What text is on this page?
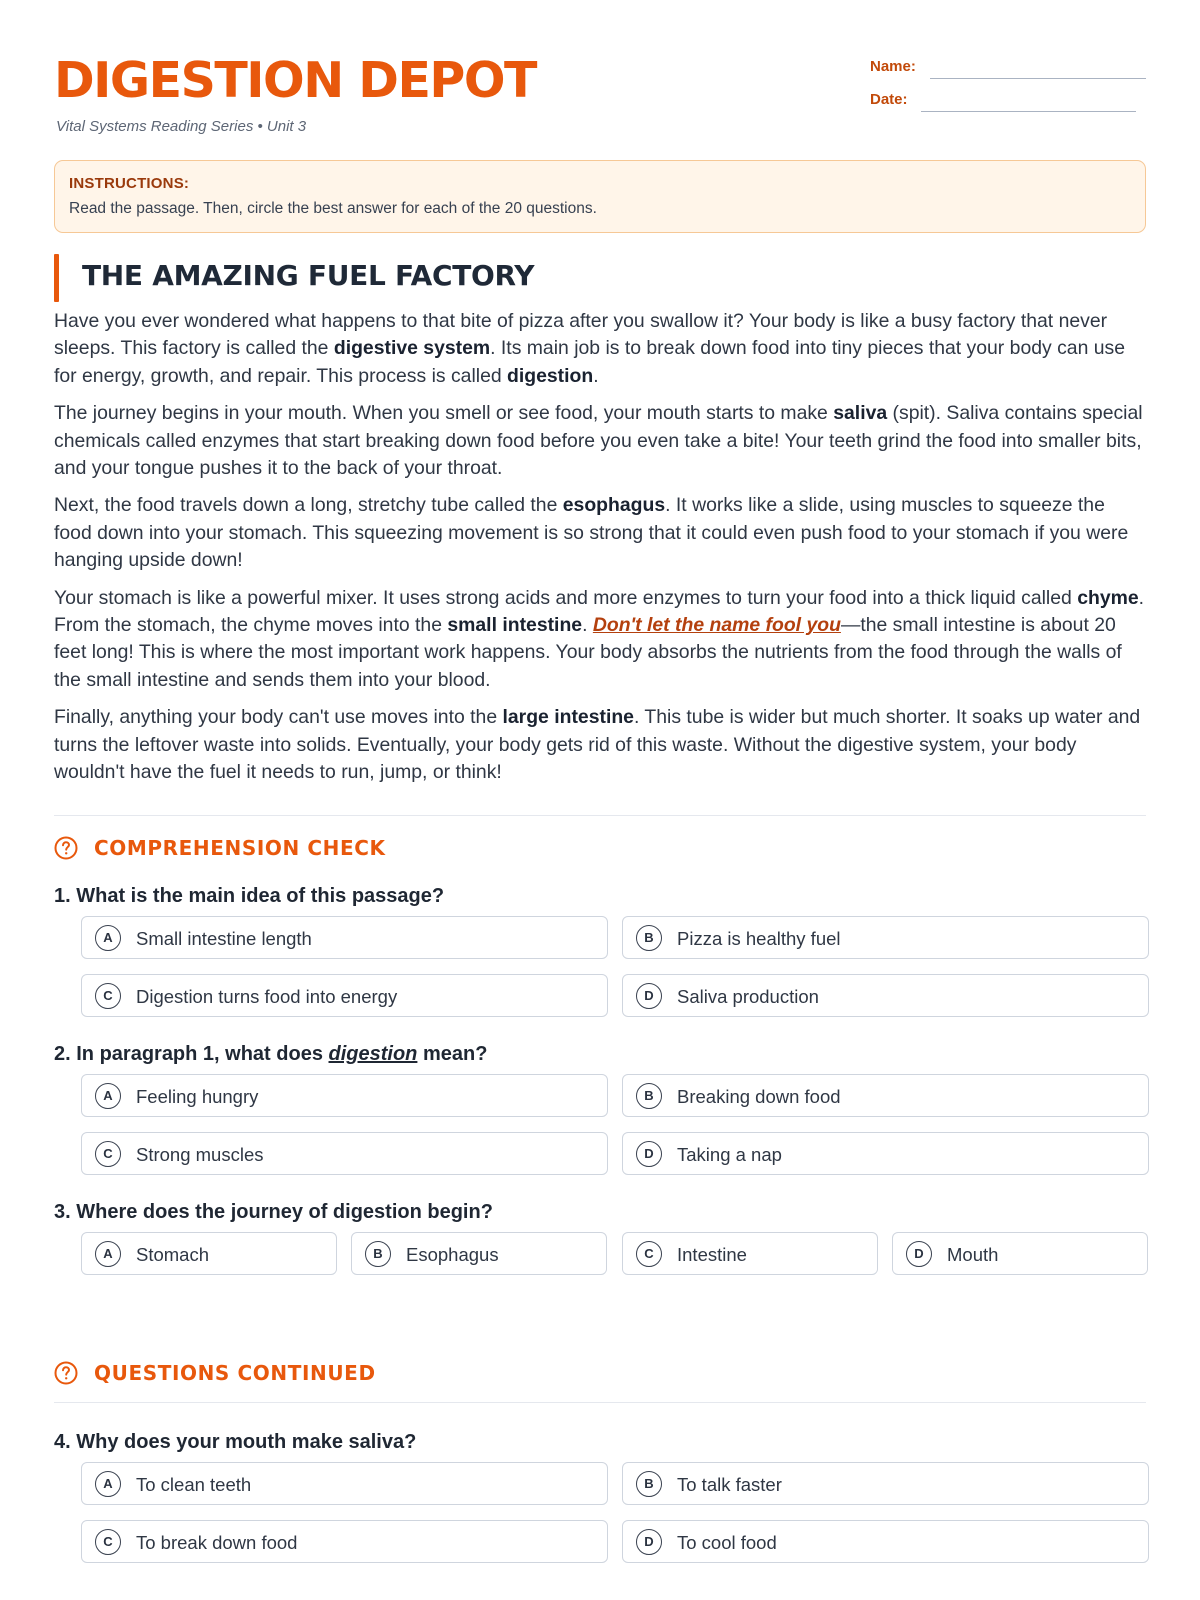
DIGESTION DEPOT
Vital Systems Reading Series • Unit 3
Name:
Date:
INSTRUCTIONS:
Read the passage. Then, circle the best answer for each of the 20 questions.
THE AMAZING FUEL FACTORY

Have you ever wondered what happens to that bite of pizza after you swallow it? Your body is like a busy factory that never sleeps. This factory is called the digestive system. Its main job is to break down food into tiny pieces that your body can use for energy, growth, and repair. This process is called digestion.

The journey begins in your mouth. When you smell or see food, your mouth starts to make saliva (spit). Saliva contains special chemicals called enzymes that start breaking down food before you even take a bite! Your teeth grind the food into smaller bits, and your tongue pushes it to the back of your throat.

Next, the food travels down a long, stretchy tube called the esophagus. It works like a slide, using muscles to squeeze the food down into your stomach. This squeezing movement is so strong that it could even push food to your stomach if you were hanging upside down!

Your stomach is like a powerful mixer. It uses strong acids and more enzymes to turn your food into a thick liquid called chyme. From the stomach, the chyme moves into the small intestine. Don't let the name fool you—the small intestine is about 20 feet long! This is where the most important work happens. Your body absorbs the nutrients from the food through the walls of the small intestine and sends them into your blood.

Finally, anything your body can't use moves into the large intestine. This tube is wider but much shorter. It soaks up water and turns the leftover waste into solids. Eventually, your body gets rid of this waste. Without the digestive system, your body wouldn't have the fuel it needs to run, jump, or think!

COMPREHENSION CHECK
1. What is the main idea of this passage?
A	Small intestine length	B	Pizza is healthy fuel
C	Digestion turns food into energy	D	Saliva production
2. In paragraph 1, what does digestion mean?
A	Feeling hungry	B	Breaking down food
C	Strong muscles	D	Taking a nap
3. Where does the journey of digestion begin?
A	Stomach	B	Esophagus	C	Intestine	D	Mouth
QUESTIONS CONTINUED
4. Why does your mouth make saliva?
A	To clean teeth	B	To talk faster
C	To break down food	D	To cool food
